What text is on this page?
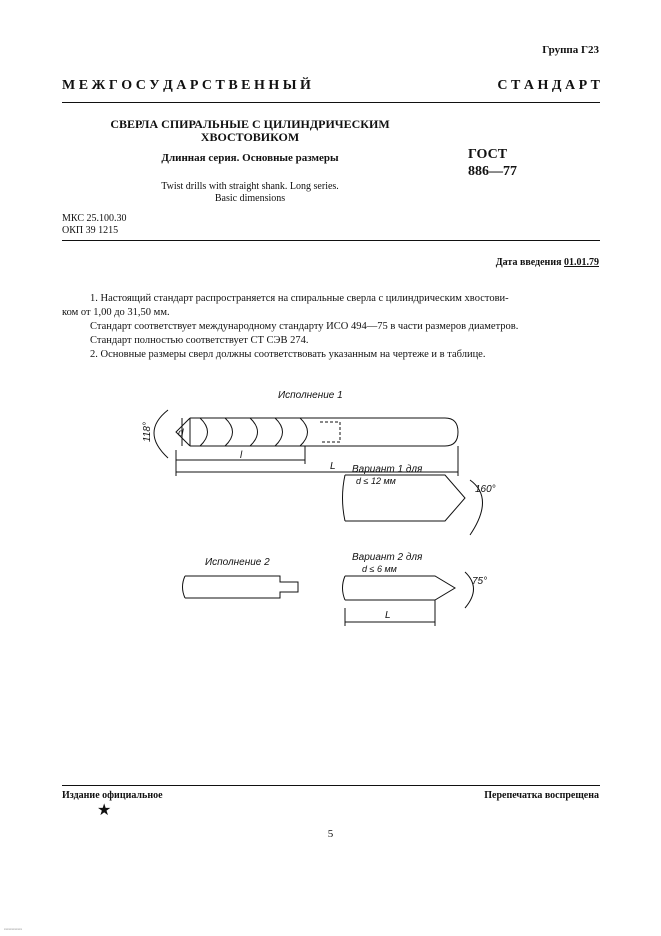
Группа Г23
М Е Ж Г О С У Д А Р С Т В Е Н Н Ы Й	С Т А Н Д А Р Т
СВЕРЛА СПИРАЛЬНЫЕ С ЦИЛИНДРИЧЕСКИМ
ХВОСТОВИКОМ
Длинная серия. Основные размеры
Twist drills with straight shank. Long series.
Basic dimensions
ГОСТ
886—77
МКС 25.100.30
ОКП 39 1215
Дата введения 01.01.79
1. Настоящий стандарт распространяется на спиральные сверла с цилиндрическим хвостови-
ком от 1,00 до 31,50 мм.
Стандарт соответствует международному стандарту ИСО 494—75 в части размеров диаметров.
Стандарт полностью соответствует СТ СЭВ 274.
2. Основные размеры сверл должны соответствовать указанным на чертеже и в таблице.
Исполнение 1
118°	d
l
L Вариант 1 для
d ≤ 12 мм
160°
Исполнение 2	Вариант 2 для
d ≤ 6 мм
75°
L
Издание официальное	Перепечатка воспрещена
★
5
xxxxxxxxxxxx
